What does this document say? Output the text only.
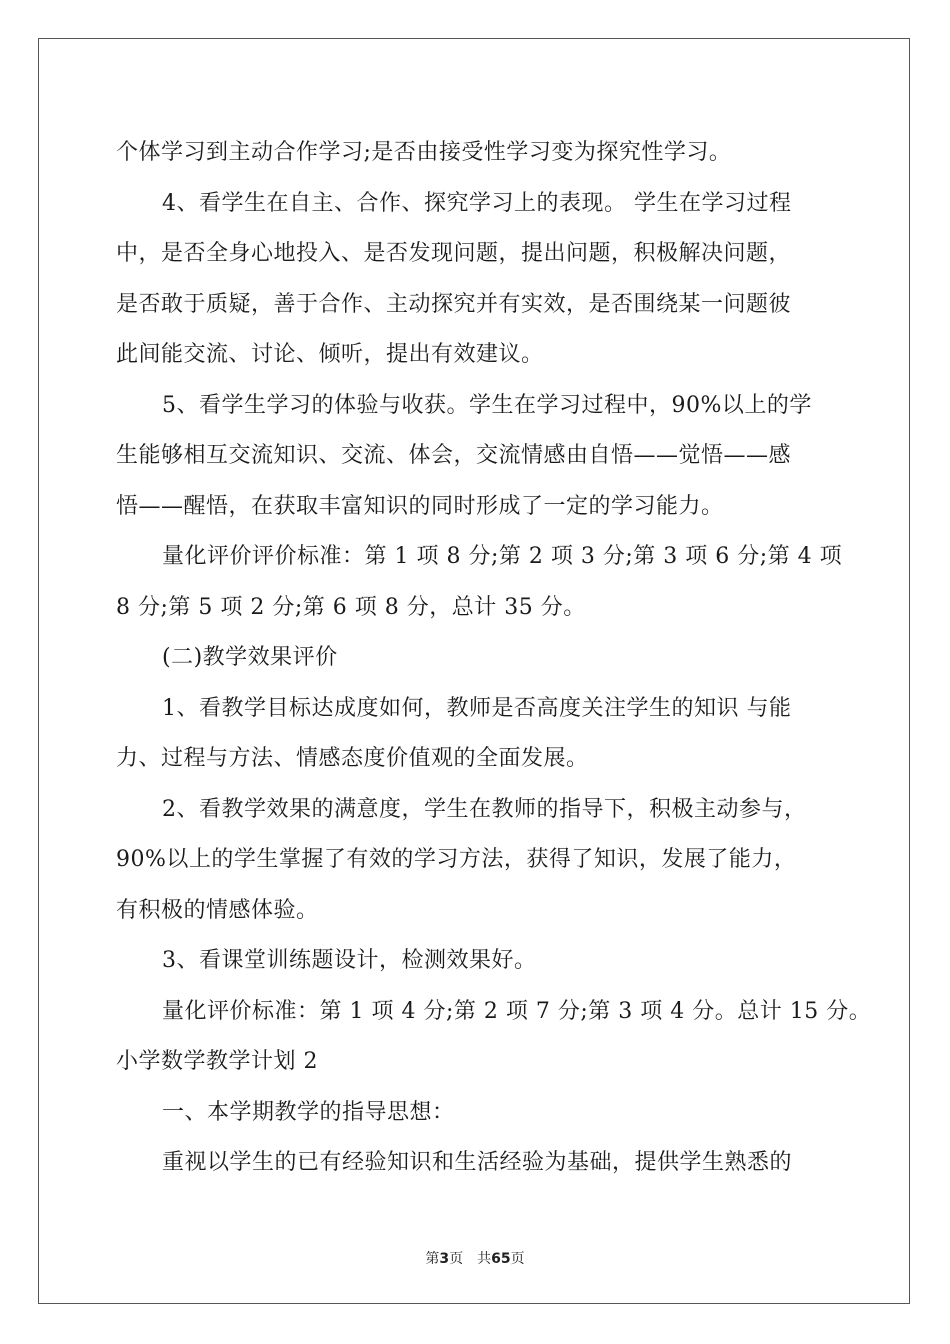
个体学习到主动合作学习;是否由接受性学习变为探究性学习。
4、看学生在自主、合作、探究学习上的表现。 学生在学习过程
中，是否全身心地投入、是否发现问题，提出问题，积极解决问题，
是否敢于质疑，善于合作、主动探究并有实效，是否围绕某一问题彼
此间能交流、讨论、倾听，提出有效建议。
5、看学生学习的体验与收获。学生在学习过程中，90%以上的学
生能够相互交流知识、交流、体会，交流情感由自悟——觉悟——感
悟——醒悟，在获取丰富知识的同时形成了一定的学习能力。
量化评价评价标准：第 1 项 8 分;第 2 项 3 分;第 3 项 6 分;第 4 项
8 分;第 5 项 2 分;第 6 项 8 分，总计 35 分。
(二)教学效果评价
1、看教学目标达成度如何，教师是否高度关注学生的知识 与能
力、过程与方法、情感态度价值观的全面发展。
2、看教学效果的满意度，学生在教师的指导下，积极主动参与，
90%以上的学生掌握了有效的学习方法，获得了知识，发展了能力，
有积极的情感体验。
3、看课堂训练题设计，检测效果好。
量化评价标准：第 1 项 4 分;第 2 项 7 分;第 3 项 4 分。总计 15 分。
小学数学教学计划 2
一、本学期教学的指导思想：
重视以学生的已有经验知识和生活经验为基础，提供学生熟悉的
第3页　共65页
